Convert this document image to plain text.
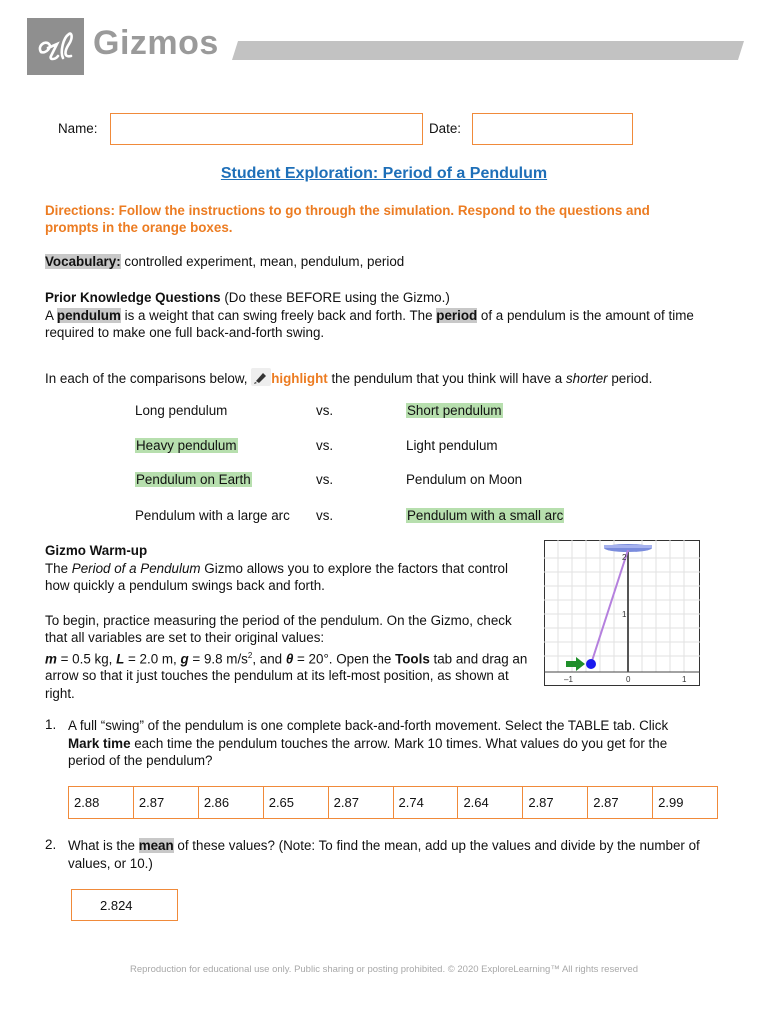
Gizmos
Name:	Date:
Student Exploration: Period of a Pendulum
Directions: Follow the instructions to go through the simulation. Respond to the questions and
prompts in the orange boxes.

Vocabulary: controlled experiment, mean, pendulum, period

Prior Knowledge Questions (Do these BEFORE using the Gizmo.)

A pendulum is a weight that can swing freely back and forth. The period of a pendulum is the amount of time

required to make one full back-and-forth swing.

In each of the comparisons below, highlight the pendulum that you think will have a shorter period.
Long pendulum	vs.	Short pendulum
Heavy pendulum	vs.	Light pendulum
Pendulum on Earth	vs.	Pendulum on Moon
Pendulum with a large arc vs.	Pendulum with a small arc

Gizmo Warm-up

The Period of a Pendulum Gizmo allows you to explore the factors that control

how quickly a pendulum swings back and forth.

To begin, practice measuring the period of the pendulum. On the Gizmo, check

that all variables are set to their original values:

m = 0.5 kg, L = 2.0 m, g = 9.8 $m/s^2$, and θ = 20°. Open the Tools tab and drag an

arrow so that it just touches the pendulum at its left-most position, as shown at

right.

2
1
–1	0	1
1. A full “swing” of the pendulum is one complete back-and-forth movement. Select the TABLE tab. Click

Mark time each time the pendulum touches the arrow. Mark 10 times. What values do you get for the

period of the pendulum?

2.88	2.87	2.86	2.65	2.87	2.74	2.64	2.87	2.87	2.99
2. What is the mean of these values? (Note: To find the mean, add up the values and divide by the number of

values, or 10.)

2.824
Reproduction for educational use only. Public sharing or posting prohibited. © 2020 ExploreLearning™ All rights reserved
